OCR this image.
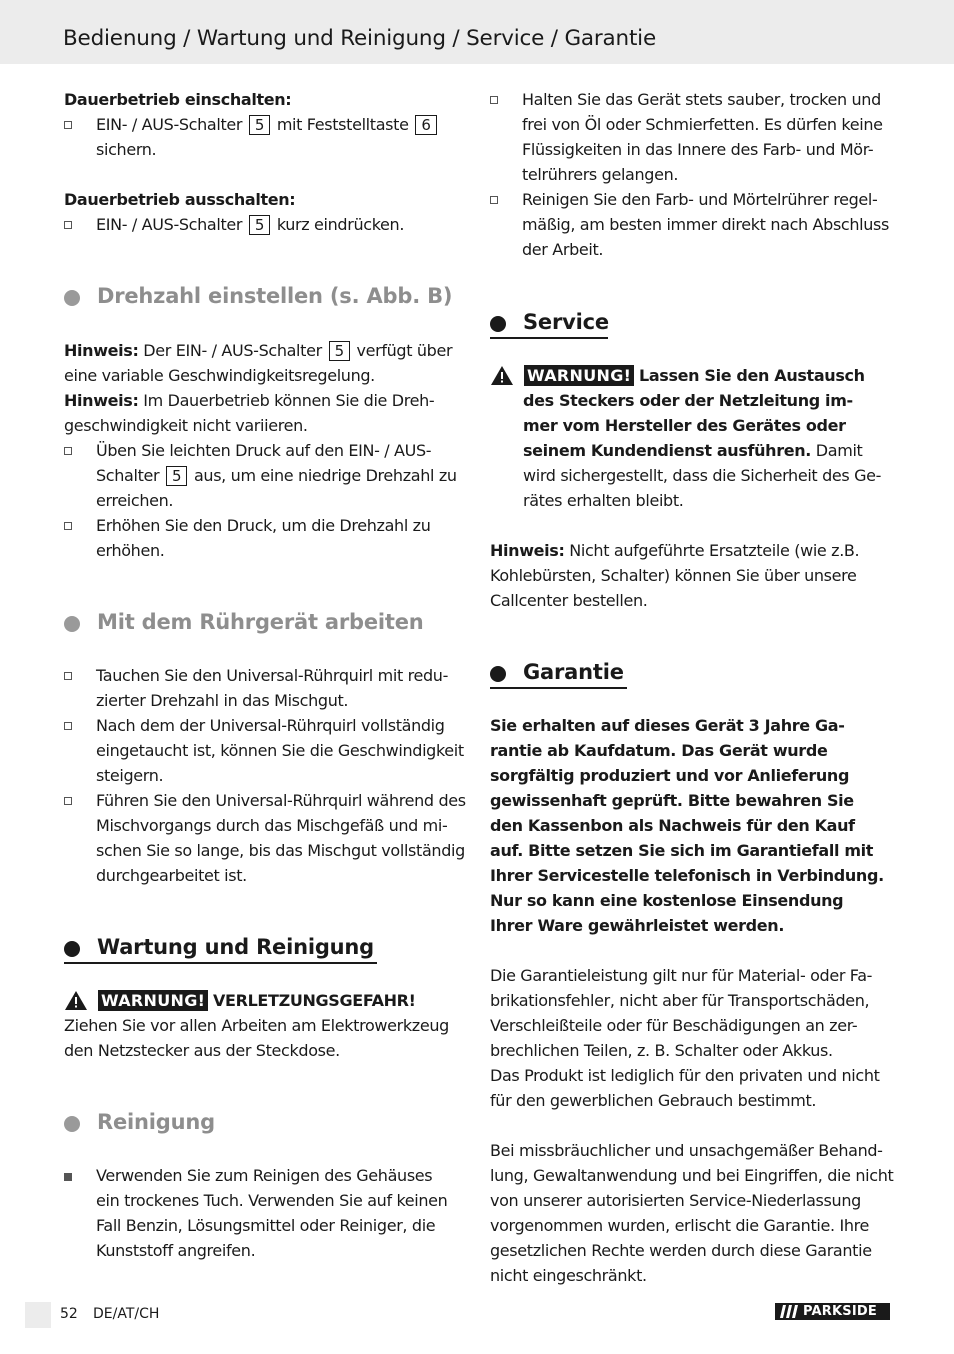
Bedienung / Wartung und Reinigung / Service / Garantie
Dauerbetrieb einschalten:
EIN- / AUS-Schalter 5 mit Feststelltaste 6
sichern.
Dauerbetrieb ausschalten:
EIN- / AUS-Schalter 5 kurz eindrücken.
Drehzahl einstellen (s. Abb. B)
Hinweis: Der EIN- / AUS-Schalter 5 verfügt über
eine variable Geschwindigkeitsregelung.
Hinweis: Im Dauerbetrieb können Sie die Dreh-
geschwindigkeit nicht variieren.
Üben Sie leichten Druck auf den EIN- / AUS-
Schalter 5 aus, um eine niedrige Drehzahl zu
erreichen.
Erhöhen Sie den Druck, um die Drehzahl zu
erhöhen.
Mit dem Rührgerät arbeiten
Tauchen Sie den Universal-Rührquirl mit redu-
zierter Drehzahl in das Mischgut.
Nach dem der Universal-Rührquirl vollständig
eingetaucht ist, können Sie die Geschwindigkeit
steigern.
Führen Sie den Universal-Rührquirl während des
Mischvorgangs durch das Mischgefäß und mi-
schen Sie so lange, bis das Mischgut vollständig
durchgearbeitet ist.
Wartung und Reinigung
WARNUNG! VERLETZUNGSGEFAHR!
Ziehen Sie vor allen Arbeiten am Elektrowerkzeug
den Netzstecker aus der Steckdose.
Reinigung
Verwenden Sie zum Reinigen des Gehäuses
ein trockenes Tuch. Verwenden Sie auf keinen
Fall Benzin, Lösungsmittel oder Reiniger, die
Kunststoff angreifen.
Halten Sie das Gerät stets sauber, trocken und
frei von Öl oder Schmierfetten. Es dürfen keine
Flüssigkeiten in das Innere des Farb- und Mör-
telrührers gelangen.
Reinigen Sie den Farb- und Mörtelrührer regel-
mäßig, am besten immer direkt nach Abschluss
der Arbeit.
Service
WARNUNG! Lassen Sie den Austausch
des Steckers oder der Netzleitung im-
mer vom Hersteller des Gerätes oder
seinem Kundendienst ausführen. Damit
wird sichergestellt, dass die Sicherheit des Ge-
rätes erhalten bleibt.
Hinweis: Nicht aufgeführte Ersatzteile (wie z.B.
Kohlebürsten, Schalter) können Sie über unsere
Callcenter bestellen.
Garantie
Sie erhalten auf dieses Gerät 3 Jahre Ga-
rantie ab Kaufdatum. Das Gerät wurde
sorgfältig produziert und vor Anlieferung
gewissenhaft geprüft. Bitte bewahren Sie
den Kassenbon als Nachweis für den Kauf
auf. Bitte setzen Sie sich im Garantiefall mit
Ihrer Servicestelle telefonisch in Verbindung.
Nur so kann eine kostenlose Einsendung
Ihrer Ware gewährleistet werden.
Die Garantieleistung gilt nur für Material- oder Fa-
brikationsfehler, nicht aber für Transportschäden,
Verschleißteile oder für Beschädigungen an zer-
brechlichen Teilen, z. B. Schalter oder Akkus.
Das Produkt ist lediglich für den privaten und nicht
für den gewerblichen Gebrauch bestimmt.
Bei missbräuchlicher und unsachgemäßer Behand-
lung, Gewaltanwendung und bei Eingriffen, die nicht
von unserer autorisierten Service-Niederlassung
vorgenommen wurden, erlischt die Garantie. Ihre
gesetzlichen Rechte werden durch diese Garantie
nicht eingeschränkt.
52 DE/AT/CH	PARKSIDE
